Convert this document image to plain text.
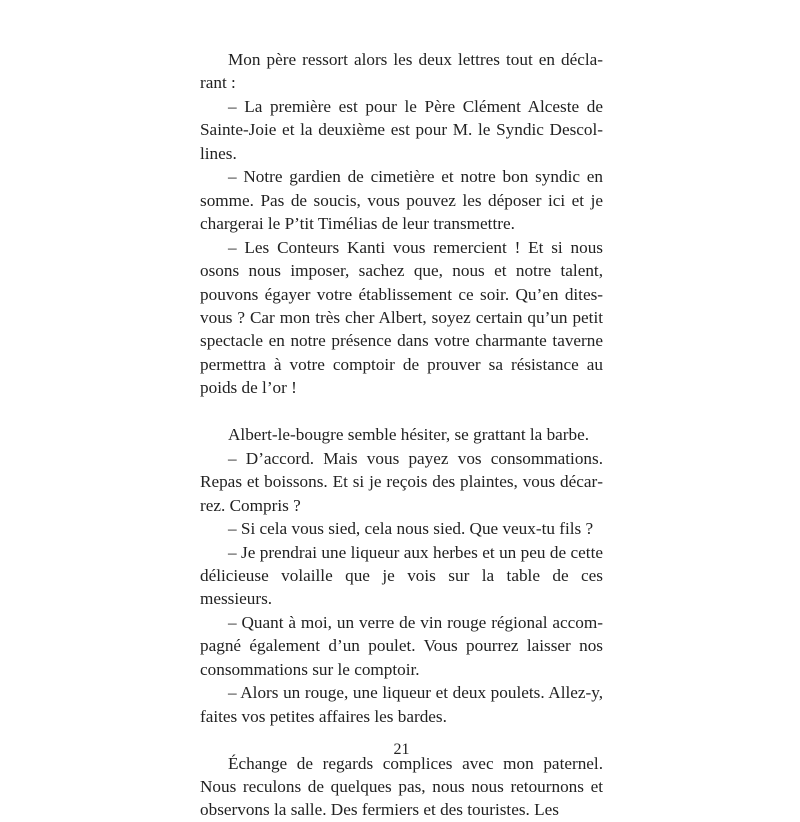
Mon père ressort alors les deux lettres tout en déclarant :

– La première est pour le Père Clément Alceste de Sainte-Joie et la deuxième est pour M. le Syndic Descollines.

– Notre gardien de cimetière et notre bon syndic en somme. Pas de soucis, vous pouvez les déposer ici et je chargerai le P’tit Timélias de leur transmettre.

– Les Conteurs Kanti vous remercient ! Et si nous osons nous imposer, sachez que, nous et notre talent, pouvons égayer votre établissement ce soir. Qu’en dites-vous ? Car mon très cher Albert, soyez certain qu’un petit spectacle en notre présence dans votre charmante taverne permettra à votre comptoir de prouver sa résistance au poids de l’or !

Albert-le-bougre semble hésiter, se grattant la barbe.

– D’accord. Mais vous payez vos consommations. Repas et boissons. Et si je reçois des plaintes, vous décarrez. Compris ?

– Si cela vous sied, cela nous sied. Que veux-tu fils ?

– Je prendrai une liqueur aux herbes et un peu de cette délicieuse volaille que je vois sur la table de ces messieurs.

– Quant à moi, un verre de vin rouge régional accompagné également d’un poulet. Vous pourrez laisser nos consommations sur le comptoir.

– Alors un rouge, une liqueur et deux poulets. Allez-y, faites vos petites affaires les bardes.

Échange de regards complices avec mon paternel. Nous reculons de quelques pas, nous nous retournons et observons la salle. Des fermiers et des touristes. Les

21
